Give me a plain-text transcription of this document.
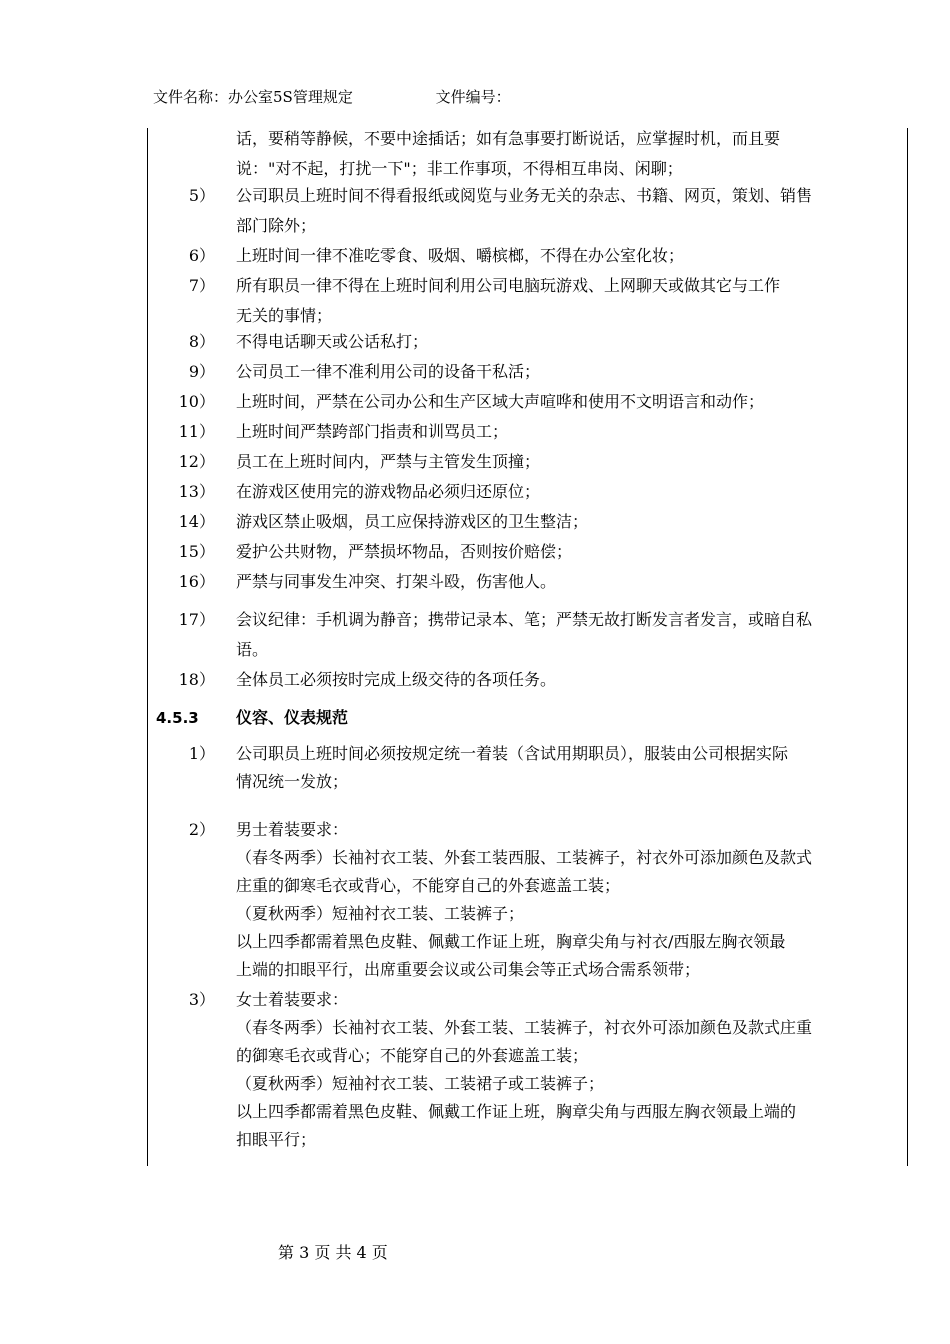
文件名称：办公室5S管理规定	文件编号：
话，要稍等静候，不要中途插话；如有急事要打断说话，应掌握时机，而且要
说："对不起，打扰一下"；非工作事项，不得相互串岗、闲聊；
5） 公司职员上班时间不得看报纸或阅览与业务无关的杂志、书籍、网页，策划、销售
部门除外；
6） 上班时间一律不准吃零食、吸烟、嚼槟榔，不得在办公室化妆；
7） 所有职员一律不得在上班时间利用公司电脑玩游戏、上网聊天或做其它与工作
无关的事情；
8） 不得电话聊天或公话私打；
9） 公司员工一律不准利用公司的设备干私活；
10） 上班时间，严禁在公司办公和生产区域大声喧哗和使用不文明语言和动作；
11） 上班时间严禁跨部门指责和训骂员工；
12） 员工在上班时间内，严禁与主管发生顶撞；
13） 在游戏区使用完的游戏物品必须归还原位；
14） 游戏区禁止吸烟，员工应保持游戏区的卫生整洁；
15） 爱护公共财物，严禁损坏物品，否则按价赔偿；
16） 严禁与同事发生冲突、打架斗殴，伤害他人。
17） 会议纪律：手机调为静音；携带记录本、笔；严禁无故打断发言者发言，或暗自私
语。
18） 全体员工必须按时完成上级交待的各项任务。
4.5.3 仪容、仪表规范
1） 公司职员上班时间必须按规定统一着装（含试用期职员），服装由公司根据实际
情况统一发放；
2） 男士着装要求：
（春冬两季）长袖衬衣工装、外套工装西服、工装裤子，衬衣外可添加颜色及款式
庄重的御寒毛衣或背心，不能穿自己的外套遮盖工装；
（夏秋两季）短袖衬衣工装、工装裤子；
以上四季都需着黑色皮鞋、佩戴工作证上班，胸章尖角与衬衣/西服左胸衣领最
上端的扣眼平行，出席重要会议或公司集会等正式场合需系领带；
3） 女士着装要求：
（春冬两季）长袖衬衣工装、外套工装、工装裤子，衬衣外可添加颜色及款式庄重
的御寒毛衣或背心；不能穿自己的外套遮盖工装；
（夏秋两季）短袖衬衣工装、工装裙子或工装裤子；
以上四季都需着黑色皮鞋、佩戴工作证上班，胸章尖角与西服左胸衣领最上端的
扣眼平行；
第 3 页 共 4 页
